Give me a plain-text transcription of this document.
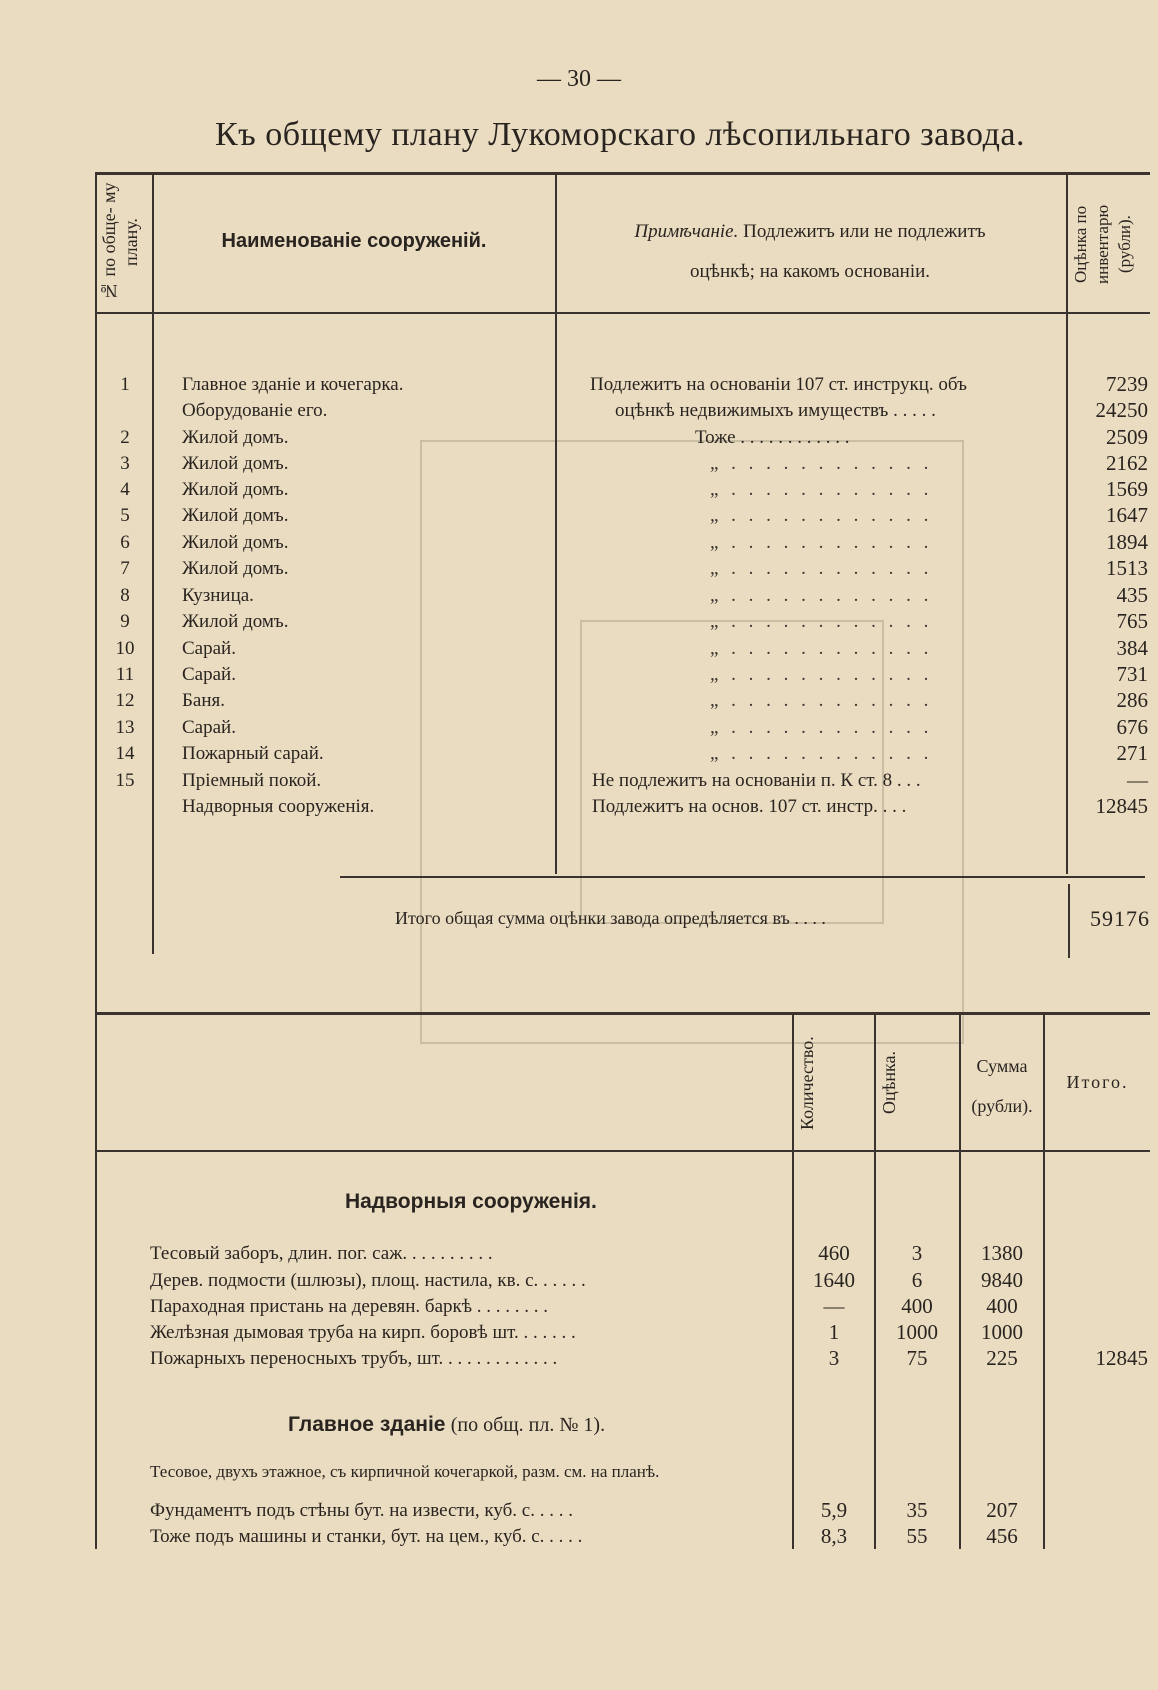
— 30 —
Къ общему плану Лукоморскаго лѣсопильнаго завода.
№ по обще- му плану.	Наименованіе сооруженій.	Примѣчаніе. Подлежитъ или не подлежитъ
оцѣнкѣ; на какомъ основаніи.	Оцѣнка по инвентарю (рубли).
1	Главное зданіе и кочегарка.	Подлежитъ на основаніи 107 ст. инструкц. объ	7239
Оборудованіе его.	оцѣнкѣ недвижимыхъ имуществъ . . . . .	24250
2	Жилой домъ.	Тоже . . . . . . . . . . . .	2509
3	Жилой домъ.	„ . . . . . . . . . . . .	2162
4	Жилой домъ.	„ . . . . . . . . . . . .	1569
5	Жилой домъ.	„ . . . . . . . . . . . .	1647
6	Жилой домъ.	„ . . . . . . . . . . . .	1894
7	Жилой домъ.	„ . . . . . . . . . . . .	1513
8	Кузница.	„ . . . . . . . . . . . .	435
9	Жилой домъ.	„ . . . . . . . . . . . .	765
10	Сарай.	„ . . . . . . . . . . . .	384
11	Сарай.	„ . . . . . . . . . . . .	731
12	Баня.	„ . . . . . . . . . . . .	286
13	Сарай.	„ . . . . . . . . . . . .	676
14	Пожарный сарай.	„ . . . . . . . . . . . .	271
15	Пріемный покой.	Не подлежитъ на основаніи п. К ст. 8 . . .	—
Надворныя сооруженія.	Подлежитъ на основ. 107 ст. инстр. . . .	12845
Итого общая сумма оцѣнки завода опредѣляется въ . . . .	59176
Количество.	Оцѣнка.	Сумма
(рубли).
Итого.
Надворныя сооруженія.
Тесовый заборъ, длин. пог. саж. . . . . . . . . .	460	3	1380
Дерев. подмости (шлюзы), площ. настила, кв. с. . . . . .	1640	6	9840
Параходная пристань на деревян. баркѣ . . . . . . . .	—	400	400
Желѣзная дымовая труба на кирп. боровѣ шт. . . . . . .	1	1000	1000
Пожарныхъ переносныхъ трубъ, шт. . . . . . . . . . . . .	3	75	225	12845
Главное зданіе (по общ. пл. № 1).
Тесовое, двухъ этажное, съ кирпичной кочегаркой, разм. см. на планѣ.
Фундаментъ подъ стѣны бут. на извести, куб. с. . . . .	5,9	35	207
Тоже подъ машины и станки, бут. на цем., куб. с. . . . .	8,3	55	456
